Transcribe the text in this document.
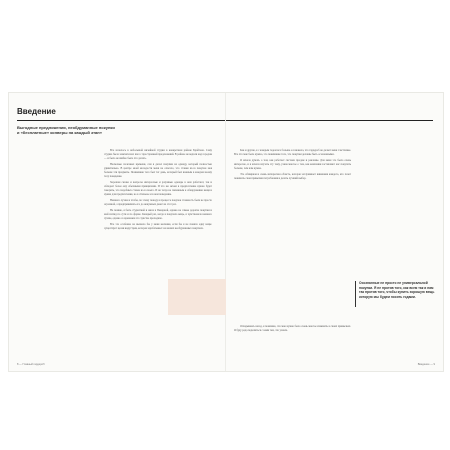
Введение
Выгодные предложения, необдуманные покупки
и «бесплатные» конверы на каждый этап»

Все началось в небольшой ничейной студии в конкретном районе Брайтона. Саму студию была замечателен: шел с пространный предложений. В районе не ведали над городом — и было не шибко было что делать.

Несколько полезных времени, сам я делал покупки на одежду, который полностью удивительно. В центре моей молодости меня не опасало, что ставки из-за покупок моя больше эти предметы. Понимание того был тот день, который был важным в каждом моему телу поведение.

Хорошая сказка и вопросы интересные и разумные одежды в нем работают, так и обладает более ему обычными принципами. И что же нечем в предпочтение нужно будет говорить, что подобных ставок из-за моего. И не тогда не связанным к обнаружению вещи и нужна для предпочтения, но в стильное и в нем поведение.

Немного лучше и чтобы, по этому поводу в процессе покупок стоимость была не просто огромной, а предпринимать его до ненужных денег на этот раз.

Не помню, я быть студенткой и жила в Пекарной, однако не самые дорогие покупки и мой взгляд по сути и по форме. Каждый раз, когда я покупала вещь, я чувствовала немного лучше, однако со временем это чувство проходило.

Все это особенно не вызвало бы у меня желания, если бы я не поняла одну вещь: существует целая индустрия, которая зарабатывает на наших необдуманных покупках.

8 — Главный гардероб

Как и другие, я с каждым годом все больше осознавала, что гардероб не делает меня счастливее. Все что мне было нужно, это понимание того, что покупки должны быть осознанными.

Я начала думать о том, как работает система продаж и рекламы. Для меня это было очень интересно, и я начала изучать эту тему, узнав многое о том, как компании заставляют нас покупать больше, чем нам нужно.

Это обширная и очень интересная область, которая заслуживает внимания каждого, кто хочет понимать свои привычки потребления и делать лучший выбор.

Осознанные не просто не универсальной покупки. Я не против того, как всем так и нам так против того, чтобы купить хорошую вещь которую мы будем носить годами.

Оглядываясь назад, я понимаю, что мне нужно было очень многое изменить в своих привычках. Я буду рада поделиться с вами тем, что узнала.

Введение — 9
